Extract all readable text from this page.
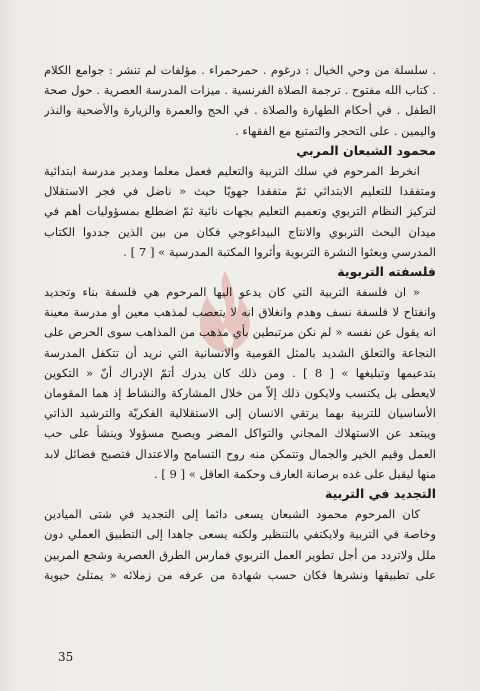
. سلسلة من وحي الخيال : درغوم . حمرحمراء . مؤلفات لم تنشر : جوامع الكلام
. كتاب الله مفتوح . ترجمة الصلاة الفرنسية . ميزات المدرسة العصرية . حول صحة
الطفل . في أحكام الطهارة والصلاة . في الحج والعمرة والزيارة والأضحية والنذر
واليمين . على التحجر والتمتيع مع الفقهاء .
محمود الشبعان المربي
انخرط المرحوم في سلك التربية والتعليم فعمل معلما ومدير مدرسة ابتدائية
ومتفقدا للتعليم الابتدائي ثمّ متفقدا جهويًا حيث « ناضل في فجر الاستقلال
لتركيز النظام التربوي وتعميم التعليم بجهات نائية ثمّ اضطلع بمسؤوليات أهم في
ميدان البحث التربوي والانتاج البيداغوجي فكان من بين الذين جددوا الكتاب
المدرسي وبعثوا النشرة التربوية وأثروا المكتبة المدرسية » [ 7 ] .
فلسفته التربوية
« ان فلسفة التربية التي كان يدعو اليها المرحوم هي فلسفة بناء وتجديد
وانفتاح لا فلسفة نسف وهدم وانغلاق انه لا يتعصب لمذهب معين أو مدرسة معينة
انه يقول عن نفسه « لم نكن مرتبطين بأي مذهب من المذاهب سوى الحرص على
النجاعة والتعلق الشديد بالمثل القومية والانسانية التي نريد أن تتكفل المدرسة
بتدعيمها وتبليغها » [ 8 ] . ومن ذلك كان يدرك أتمّ الإدراك أنّ « التكوين
لايعطى بل يكتسب ولايكون ذلك إلاّ من خلال المشاركة والنشاط إذ هما المقومان
الأساسيان للتربية بهما يرتقي الانسان إلى الاستقلالية الفكريّة والترشيد الذاتي
ويبتعد عن الاستهلاك المجاني والتواكل المضر ويصبح مسؤولا وينشأ على حب
العمل وقيم الخير والجمال وتتمكن منه روح التسامح والاعتدال فتصبح فضائل لابد
منها ليقبل على غده برصانة العارف وحكمة العاقل » [ 9 ] .
التجديد في التربية
كان المرحوم محمود الشبعان يسعى دائما إلى التجديد في شتى الميادين
وخاصة في التربية ولايكتفي بالتنظير ولكنه يسعى جاهدا إلى التطبيق العملي دون
ملل ولاتردد من أجل تطوير العمل التربوي فمارس الطرق العصرية وشجع المربين
على تطبيقها ونشرها فكان حسب شهادة من عرفه من زملائه « يمتلئ حيوية
35
